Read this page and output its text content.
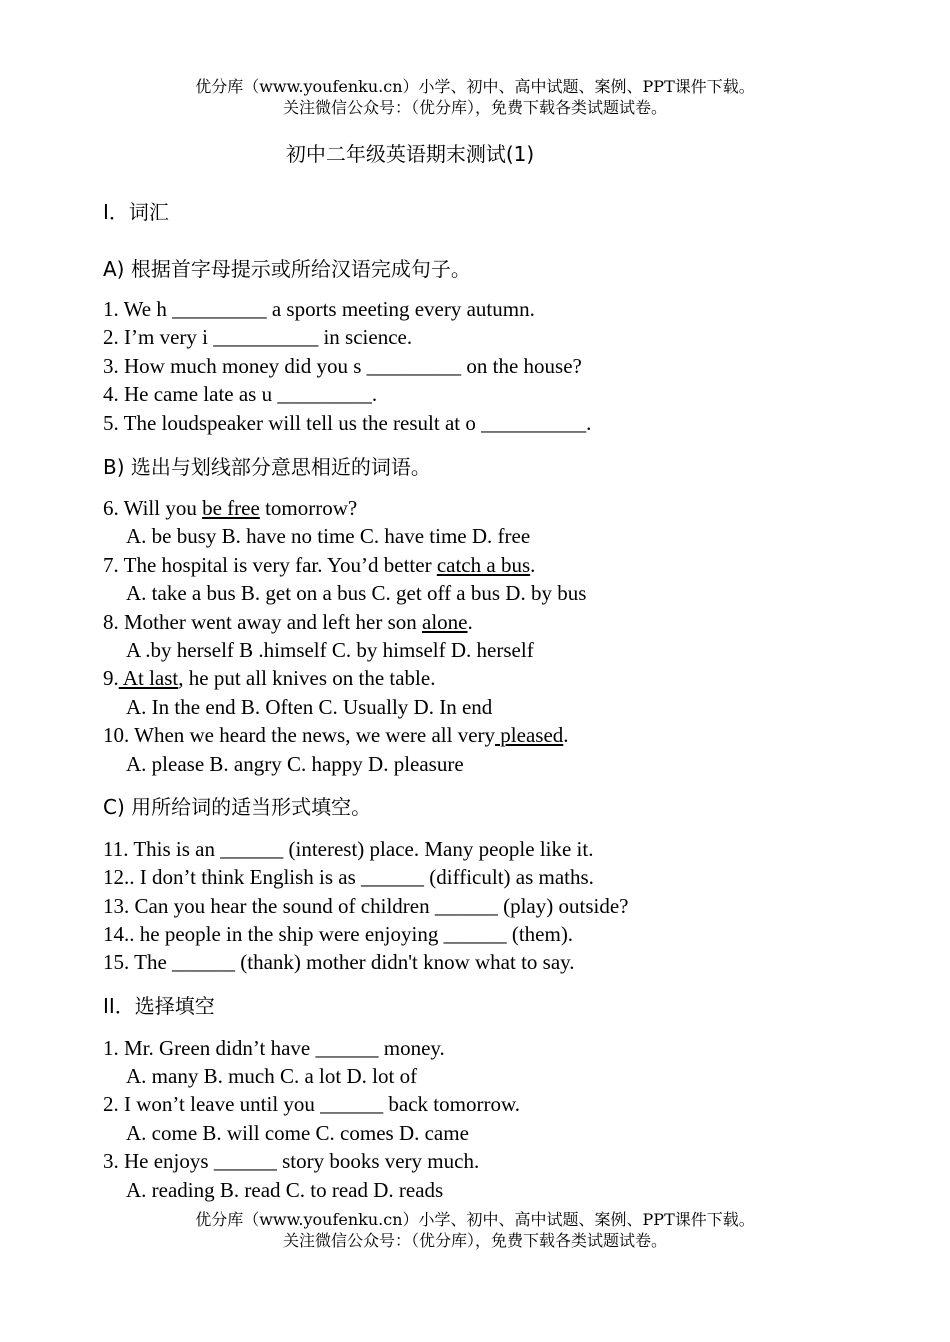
优分库（www.youfenku.cn）小学、初中、高中试题、案例、PPT课件下载。
关注微信公众号：（优分库），免费下载各类试题试卷。
初中二年级英语期末测试(1)
I．词汇
A) 根据首字母提示或所给汉语完成句子。
1. We h _________ a sports meeting every autumn.
2. I’m very i __________ in science.
3. How much money did you s _________ on the house?
4. He came late as u _________.
5. The loudspeaker will tell us the result at o __________.
B) 选出与划线部分意思相近的词语。
6. Will you be free tomorrow?
A. be busy B. have no time C. have time D. free
7. The hospital is very far. You’d better catch a bus.
A. take a bus B. get on a bus C. get off a bus D. by bus
8. Mother went away and left her son alone.
A .by herself B .himself C. by himself D. herself
9. At last, he put all knives on the table.
A. In the end B. Often C. Usually D. In end
10. When we heard the news, we were all very pleased.
A. please B. angry C. happy D. pleasure
C) 用所给词的适当形式填空。
11. This is an ______ (interest) place. Many people like it.
12.. I don’t think English is as ______ (difficult) as maths.
13. Can you hear the sound of children ______ (play) outside?
14.. he people in the ship were enjoying ______ (them).
15. The ______ (thank) mother didn't know what to say.
II．选择填空
1. Mr. Green didn’t have ______ money.
A. many B. much C. a lot D. lot of
2. I won’t leave until you ______ back tomorrow.
A. come B. will come C. comes D. came
3. He enjoys ______ story books very much.
A. reading B. read C. to read D. reads
优分库（www.youfenku.cn）小学、初中、高中试题、案例、PPT课件下载。
关注微信公众号：（优分库），免费下载各类试题试卷。
